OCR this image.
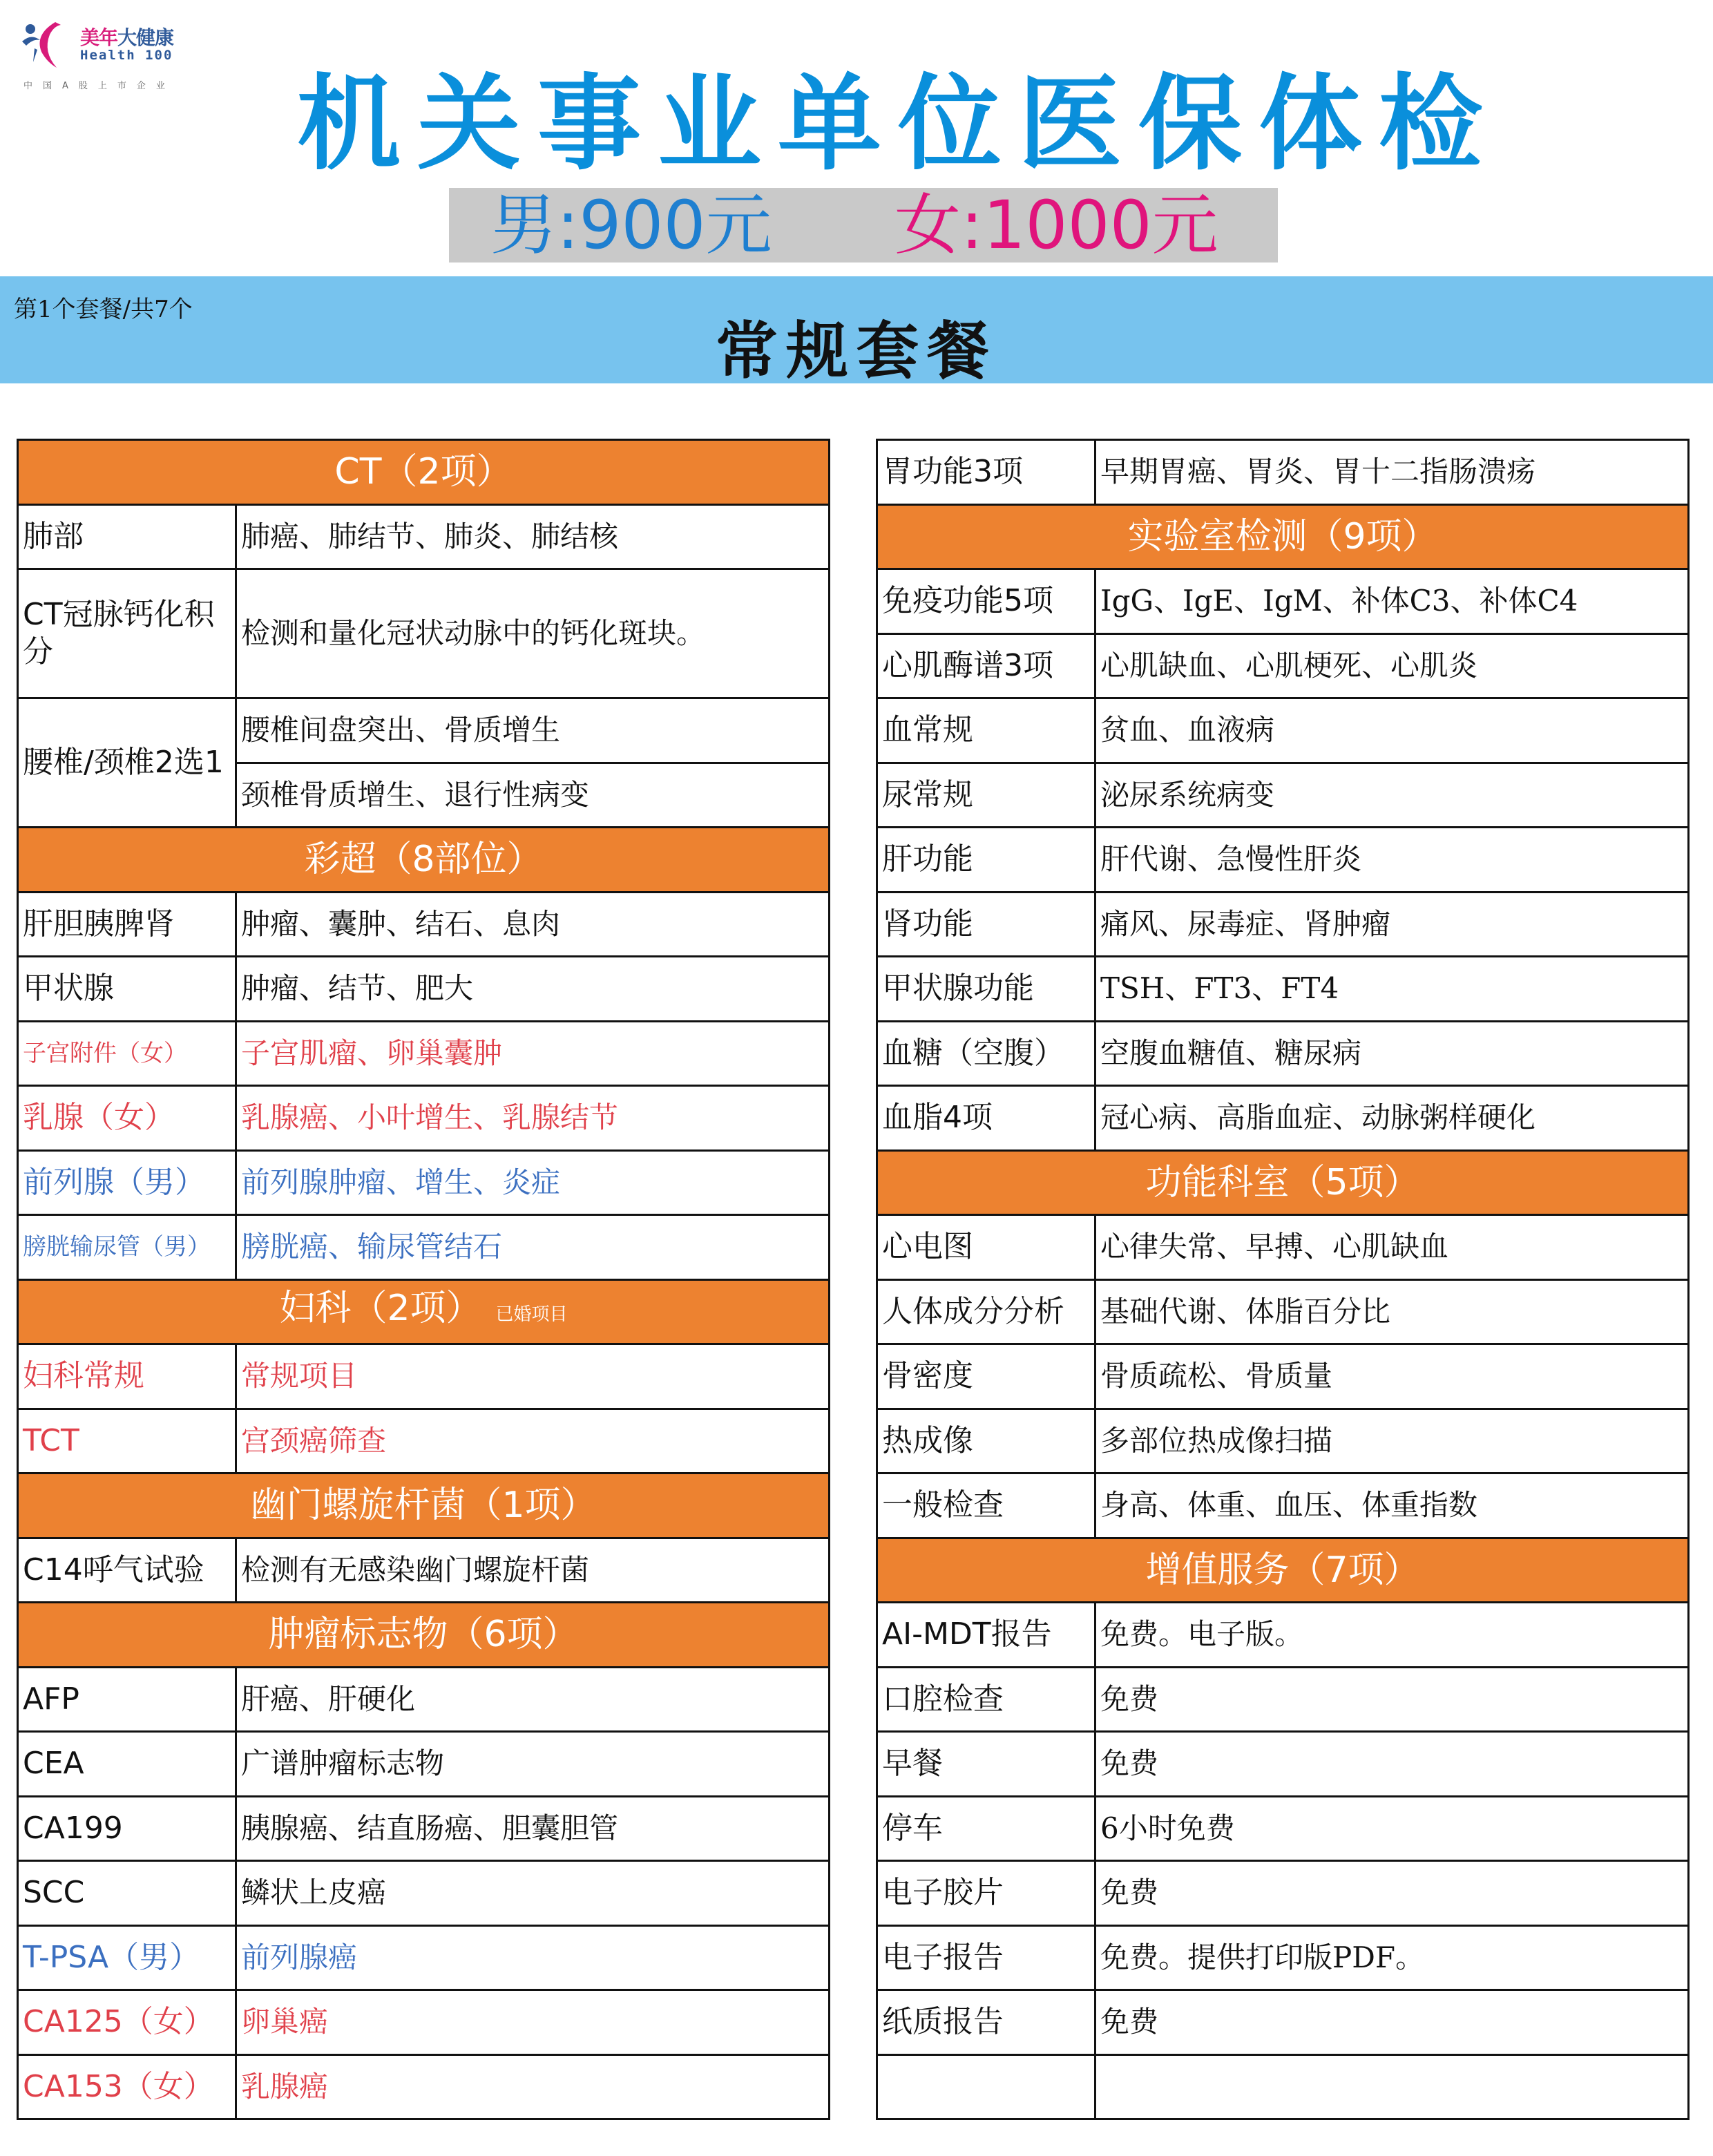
美年大健康
Health 100
中国A股上市企业	机关事业单位医保体检
男:900元 女:1000元
第1个套餐/共7个
常规套餐
CT（2项）	
肺部	肺癌、肺结节、肺炎、肺结核
CT冠脉钙化积分	检测和量化冠状动脉中的钙化斑块。
腰椎/颈椎2选1	腰椎间盘突出、骨质增生
	颈椎骨质增生、退行性病变
彩超（8部位）	
肝胆胰脾肾	肿瘤、囊肿、结石、息肉
甲状腺	肿瘤、结节、肥大
子宫附件（女）	子宫肌瘤、卵巢囊肿
乳腺（女）	乳腺癌、小叶增生、乳腺结节
前列腺（男）	前列腺肿瘤、增生、炎症
膀胱输尿管（男）	膀胱癌、输尿管结石
妇科（2项） 已婚项目	
妇科常规	常规项目
TCT	宫颈癌筛查
幽门螺旋杆菌（1项）	
C14呼气试验	检测有无感染幽门螺旋杆菌
肿瘤标志物（6项）	
AFP	肝癌、肝硬化
CEA	广谱肿瘤标志物
CA199	胰腺癌、结直肠癌、胆囊胆管
SCC	鳞状上皮癌
T-PSA（男）	前列腺癌
CA125（女）	卵巢癌
CA153（女）	乳腺癌
胃功能3项	早期胃癌、胃炎、胃十二指肠溃疡
实验室检测（9项）	
免疫功能5项	IgG、IgE、IgM、补体C3、补体C4
心肌酶谱3项	心肌缺血、心肌梗死、心肌炎
血常规	贫血、血液病
尿常规	泌尿系统病变
肝功能	肝代谢、急慢性肝炎
肾功能	痛风、尿毒症、肾肿瘤
甲状腺功能	TSH、FT3、FT4
血糖（空腹）	空腹血糖值、糖尿病
血脂4项	冠心病、高脂血症、动脉粥样硬化
功能科室（5项）	
心电图	心律失常、早搏、心肌缺血
人体成分分析	基础代谢、体脂百分比
骨密度	骨质疏松、骨质量
热成像	多部位热成像扫描
一般检查	身高、体重、血压、体重指数
增值服务（7项）	
AI-MDT报告	免费。电子版。
口腔检查	免费
早餐	免费
停车	6小时免费
电子胶片	免费
电子报告	免费。提供打印版PDF。
纸质报告	免费
